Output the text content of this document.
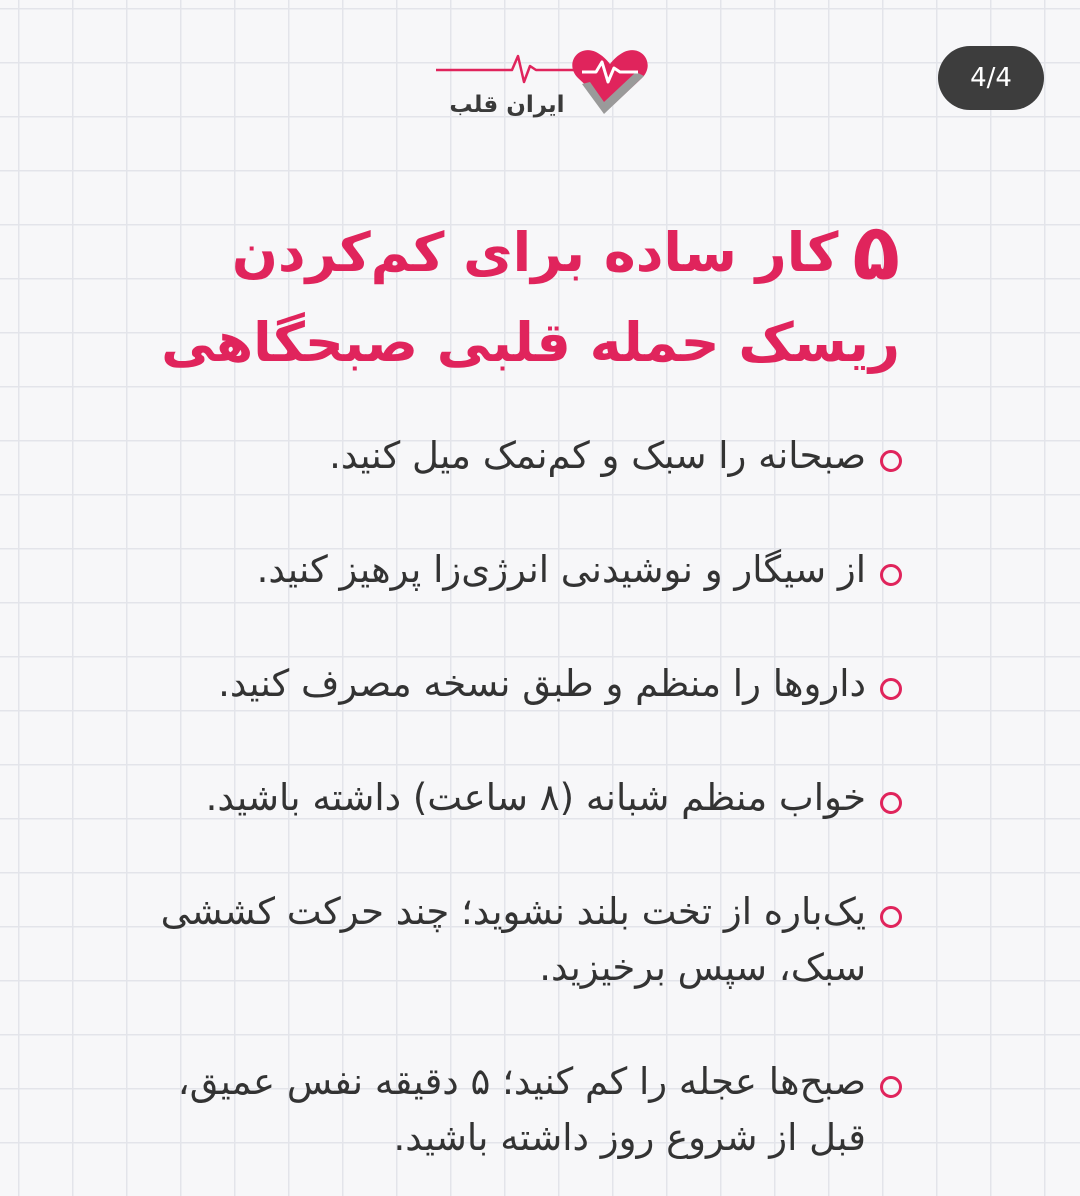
4/4
ایران قلب
۵
کار ساده برای کم‌کردن
ریسک حمله قلبی صبحگاهی
صبحانه را سبک و کم‌نمک میل کنید.
از سیگار و نوشیدنی انرژی‌زا پرهیز کنید.
داروها را منظم و طبق نسخه مصرف کنید.
خواب منظم شبانه (۸ ساعت) داشته باشید.
یک‌باره از تخت بلند نشوید؛ چند حرکت کششی سبک، سپس برخیزید.
صبح‌ها عجله را کم کنید؛ ۵ دقیقه نفس عمیق، قبل از شروع روز داشته باشید.
